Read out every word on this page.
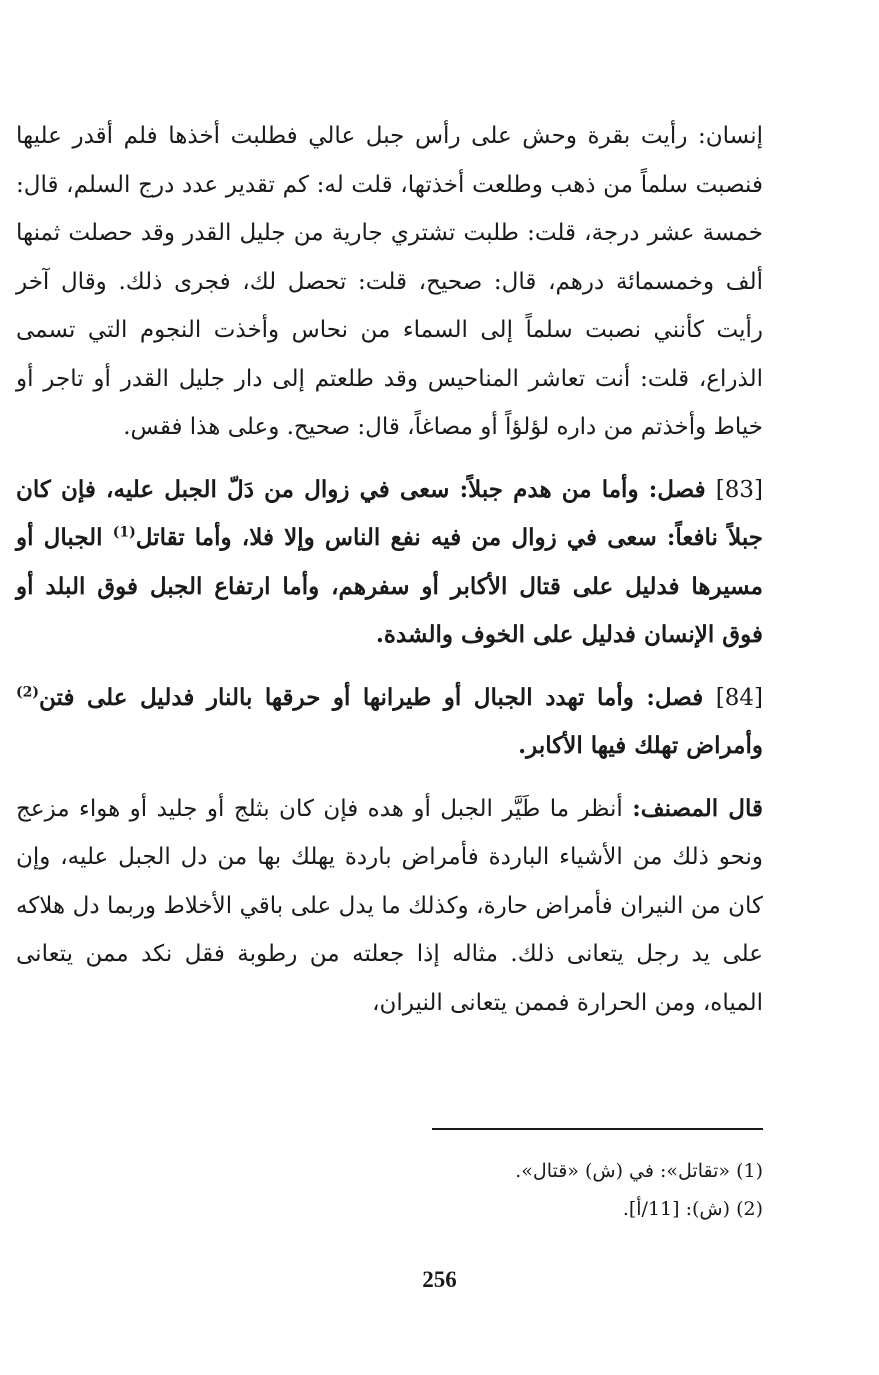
إنسان: رأيت بقرة وحش على رأس جبل عالي فطلبت أخذها فلم أقدر عليها فنصبت سلماً من ذهب وطلعت أخذتها، قلت له: كم تقدير عدد درج السلم، قال: خمسة عشر درجة، قلت: طلبت تشتري جارية من جليل القدر وقد حصلت ثمنها ألف وخمسمائة درهم، قال: صحيح، قلت: تحصل لك، فجرى ذلك. وقال آخر رأيت كأنني نصبت سلماً إلى السماء من نحاس وأخذت النجوم التي تسمى الذراع، قلت: أنت تعاشر المناحيس وقد طلعتم إلى دار جليل القدر أو تاجر أو خياط وأخذتم من داره لؤلؤاً أو مصاغاً، قال: صحيح. وعلى هذا فقس.

[83] فصل: وأما من هدم جبلاً: سعى في زوال من دَلّ الجبل عليه، فإن كان جبلاً نافعاً: سعى في زوال من فيه نفع الناس وإلا فلا، وأما تقاتل$^{(1)}$ الجبال أو مسيرها فدليل على قتال الأكابر أو سفرهم، وأما ارتفاع الجبل فوق البلد أو فوق الإنسان فدليل على الخوف والشدة.

[84] فصل: وأما تهدد الجبال أو طيرانها أو حرقها بالنار فدليل على فتن$^{(2)}$ وأمراض تهلك فيها الأكابر.

قال المصنف: أنظر ما طَيَّر الجبل أو هده فإن كان بثلج أو جليد أو هواء مزعج ونحو ذلك من الأشياء الباردة فأمراض باردة يهلك بها من دل الجبل عليه، وإن كان من النيران فأمراض حارة، وكذلك ما يدل على باقي الأخلاط وربما دل هلاكه على يد رجل يتعانى ذلك. مثاله إذا جعلته من رطوبة فقل نكد ممن يتعانى المياه، ومن الحرارة فممن يتعانى النيران،

(1) «تقاتل»: في (ش) «قتال».

(2) (ش): [11/أ].

256
